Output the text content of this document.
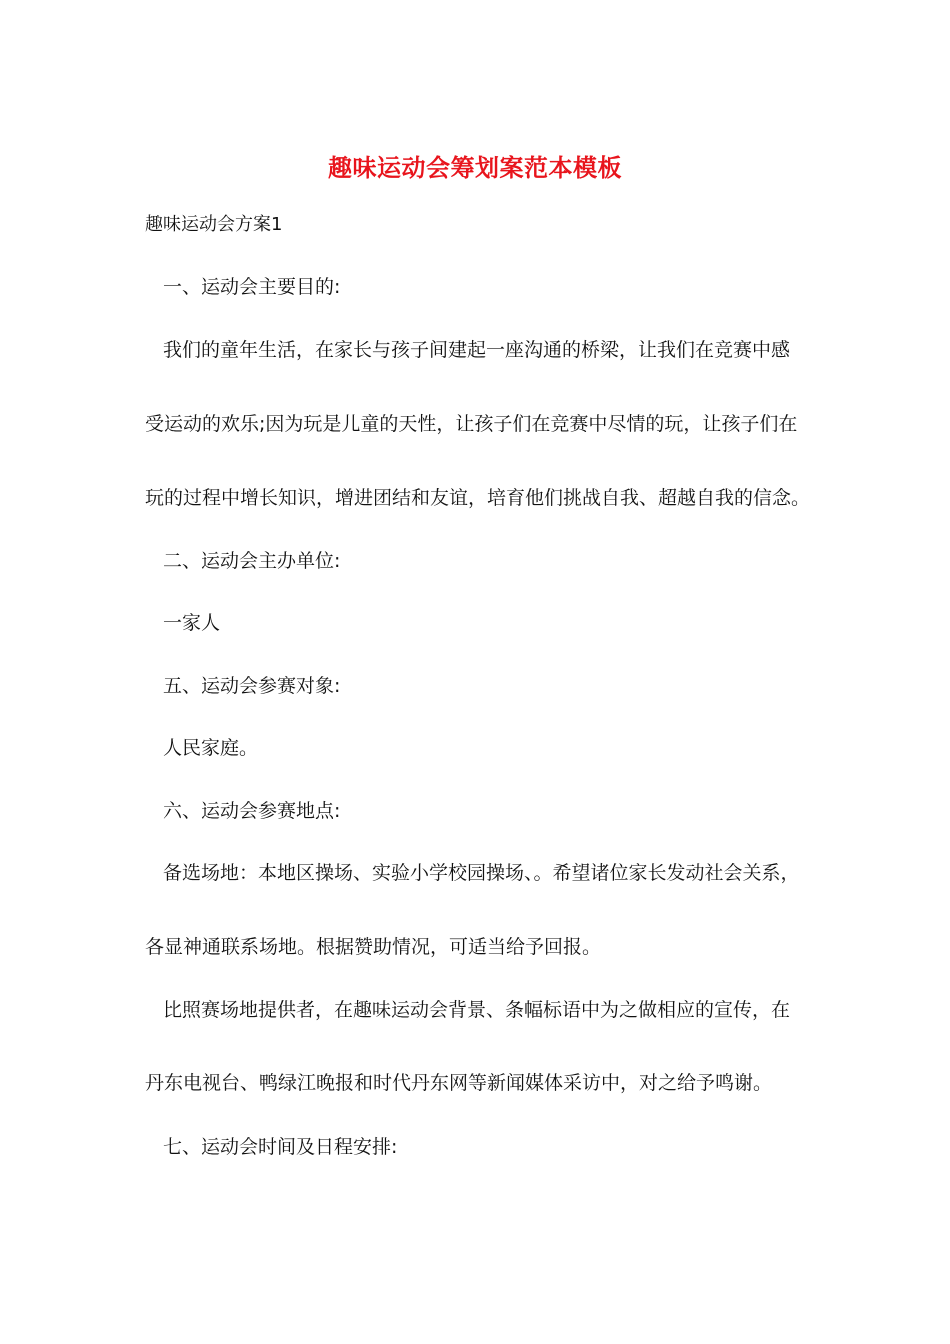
趣味运动会筹划案范本模板
趣味运动会方案1
一、运动会主要目的:
我们的童年生活，在家长与孩子间建起一座沟通的桥梁，让我们在竞赛中感
受运动的欢乐;因为玩是儿童的天性，让孩子们在竞赛中尽情的玩，让孩子们在
玩的过程中增长知识，增进团结和友谊，培育他们挑战自我、超越自我的信念。
二、运动会主办单位:
一家人
五、运动会参赛对象:
人民家庭。
六、运动会参赛地点:
备选场地：本地区操场、实验小学校园操场、。希望诸位家长发动社会关系，
各显神通联系场地。根据赞助情况，可适当给予回报。
比照赛场地提供者，在趣味运动会背景、条幅标语中为之做相应的宣传，在
丹东电视台、鸭绿江晚报和时代丹东网等新闻媒体采访中，对之给予鸣谢。
七、运动会时间及日程安排:
